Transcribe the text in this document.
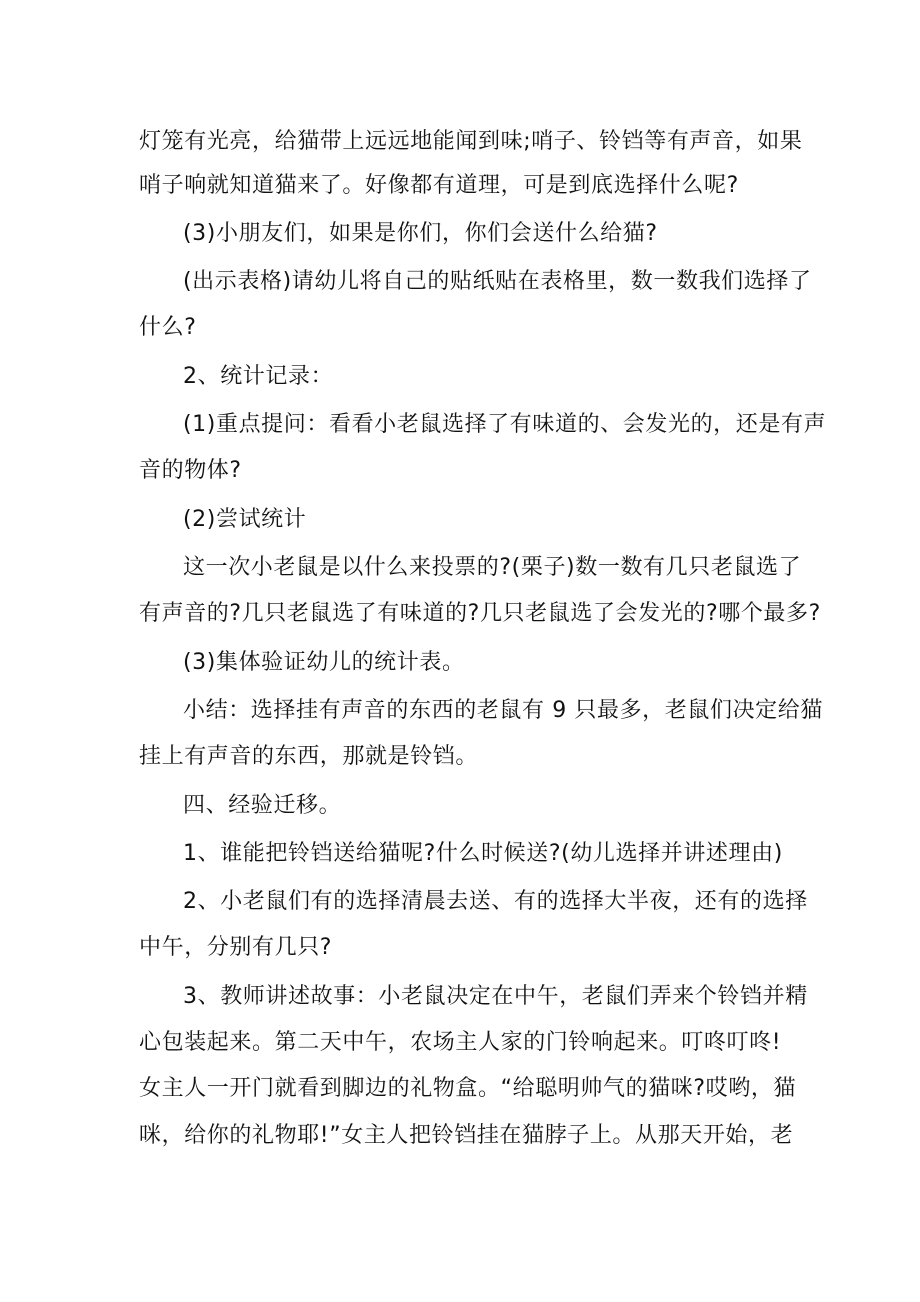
灯笼有光亮，给猫带上远远地能闻到味;哨子、铃铛等有声音，如果
哨子响就知道猫来了。好像都有道理，可是到底选择什么呢?
(3)小朋友们，如果是你们，你们会送什么给猫?
(出示表格)请幼儿将自己的贴纸贴在表格里，数一数我们选择了
什么?
2、统计记录：
(1)重点提问：看看小老鼠选择了有味道的、会发光的，还是有声
音的物体?
(2)尝试统计
这一次小老鼠是以什么来投票的?(栗子)数一数有几只老鼠选了
有声音的?几只老鼠选了有味道的?几只老鼠选了会发光的?哪个最多?
(3)集体验证幼儿的统计表。
小结：选择挂有声音的东西的老鼠有 9 只最多，老鼠们决定给猫
挂上有声音的东西，那就是铃铛。
四、经验迁移。
1、谁能把铃铛送给猫呢?什么时候送?(幼儿选择并讲述理由)
2、小老鼠们有的选择清晨去送、有的选择大半夜，还有的选择
中午，分别有几只?
3、教师讲述故事：小老鼠决定在中午，老鼠们弄来个铃铛并精
心包装起来。第二天中午，农场主人家的门铃响起来。叮咚叮咚!
女主人一开门就看到脚边的礼物盒。“给聪明帅气的猫咪?哎哟，猫
咪，给你的礼物耶!”女主人把铃铛挂在猫脖子上。从那天开始，老
